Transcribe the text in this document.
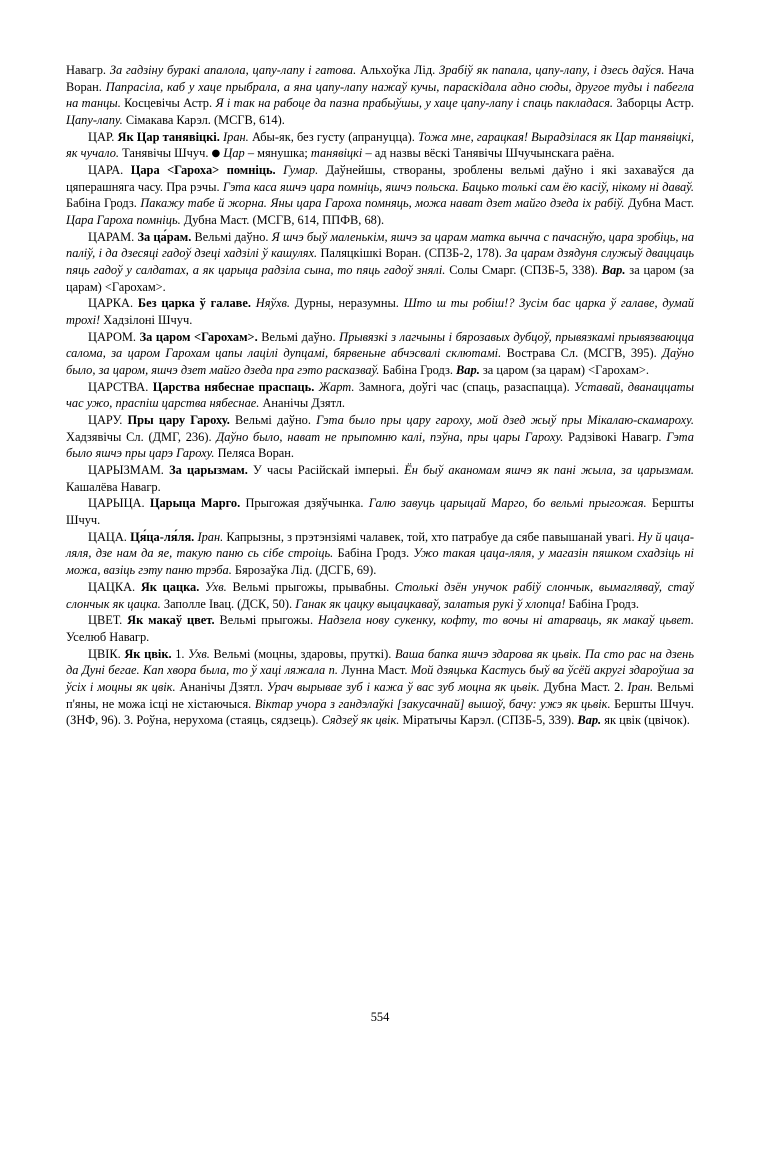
Навагр. За гадзіну буракі апалола, цапу-лапу і гатова. Альхоўка Лід. Зрабіў як папала, цапу-лапу, і дзесь даўся. Нача Воран. Папрасіла, каб у хаце прыбрала, а яна цапу-лапу нажаў кучы, параскідала адно сюды, другое туды і пабегла на танцы. Косцевічы Астр. Я і так на рабоце да пазна прабыўшы, у хаце цапу-лапу і спаць пакладася. Заборцы Астр. Цапу-лапу. Сімакава Карэл. (МСГВ, 614).

ЦАР. Як Цар танявіцкі. Іран. Абы-як, без густу (апрануцца). Тожа мне, гарацкая! Вырадзілася як Цар танявіцкі, як чучало. Танявічы Шчуч. ● Цар – мянушка; танявіцкі – ад назвы вёскі Танявічы Шчучынскага раёна.

ЦАРА. Цара <Гароха> помніць. Гумар. Даўнейшы, створаны, зроблены вельмі даўно і які захаваўся да цяперашняга часу. Пра рэчы. Гэта каса яшчэ цара помніць, яшчэ польска. Бацько толькі сам ёю касіў, нікому ні даваў. Бабіна Гродз. Пакажу табе й жорна. Яны цара Гароха помняць, можа нават дзет майго дзеда іх рабіў. Дубна Маст. Цара Гароха помніць. Дубна Маст. (МСГВ, 614, ППФВ, 68).

ЦАРАМ. За ца́рам. Вельмі даўно. Я шчэ быў маленькім, яшчэ за царам матка выччa с пачаснўю, цара зробіць, на паліў, і да дзесяці гадоў дзеці хадзілі ў кашулях. Паляцкішкі Воран. (СПЗБ-2, 178). За царам дзядуня служыў дваццаць пяць гадоў у салдатах, а як царыца радзіла сына, то пяць гадоў знялі. Солы Смарг. (СПЗБ-5, 338). Вар. за царом (за царам) <Гарохам>.

ЦАРКА. Без царка ў галаве. Няўхв. Дурны, неразумны. Што ш ты робіш!? Зусім бас царка ў галаве, думай трохі! Хадзілоні Шчуч.

ЦАРОМ. За царом <Гарохам>. Вельмі даўно. Прывязкі з лагчыны і бярозавых дубцоў, прывязкамі прывязваюцца салома, за царом Гарохам цапы лацілі дупцамі, бярвеньне абчэсвалі склютамі. Вострава Сл. (МСГВ, 395). Даўно было, за царом, яшчэ дзет майго дзеда пра гэто расказваў. Бабіна Гродз. Вар. за царом (за царам) <Гарохам>.

ЦАРСТВА. Царства нябеснае праспаць. Жарт. Замнога, доўгі час (спаць, разаспацца). Уставай, дванаццаты час ужо, праспіш царства нябеснае. Ананічы Дзятл.

ЦАРУ. Пры цару Гароху. Вельмі даўно. Гэта было пры цару гароху, мой дзед жыў пры Мікалаю-скамароху. Хадзявічы Сл. (ДМГ, 236). Даўно было, нават не прыпомню калі, пэўна, пры цары Гароху. Радзівокі Навагр. Гэта было яшчэ пры царэ Гароху. Пеляса Воран.

ЦАРЫЗМАМ. За царызмам. У часы Расійскай імперыі. Ён быў аканомам яшчэ як пані жыла, за царызмам. Кашалёва Навагр.

ЦАРЫЦА. Царыца Марго. Прыгожая дзяўчынка. Галю завуць царыцай Марго, бо вельмі прыгожая. Бершты Шчуч.

ЦАЦА. Ця́ца-ля́ля. Іран. Капрызны, з прэтэнзіямі чалавек, той, хто патрабуе да сябе павышанай увагі. Ну й цаца-ляля, дзе нам да яе, такую паню сь сібе строіць. Бабіна Гродз. Ужо такая цаца-ляля, у магазін пяшком схадзіць ні можа, вазіць гэту паню трэба. Бярозаўка Лід. (ДСГБ, 69).

ЦАЦКА. Як цацка. Ухв. Вельмі прыгожы, прывабны. Столькі дзён унучок рабіў слончык, вымагляваў, стаў слончык як цацка. Заполле Івац. (ДСК, 50). Ганак як цацку выцацкаваў, залатыя рукі ў хлопца! Бабіна Гродз.

ЦВЕТ. Як макаў цвет. Вельмі прыгожы. Надзела нову сукенку, кофту, то вочы ні атарваць, як макаў цьвет. Уселюб Навагр.

ЦВІК. Як цвік. 1. Ухв. Вельмі (моцны, здаровы, пруткі). Ваша бапка яшчэ здарова як цьвік. Па сто рас на дзень да Дуні бегае. Кап хвора была, то ў хаці ляжала п. Лунна Маст. Мой дзяцька Кастусь быў ва ўсёй акругі здароўша за ўсіх і моцны як цвік. Ананічы Дзятл. Урач вырывае зуб і кажа ў вас зуб моцна як цьвік. Дубна Маст. 2. Іран. Вельмі п'яны, не можа ісці не хістаючыся. Віктар учора з гандэлаўкі [закусачнай] вышоў, бачу: ужэ як цьвік. Бершты Шчуч. (ЗНФ, 96). 3. Роўна, нерухома (стаяць, сядзець). Сядзеў як цвік. Міратычы Карэл. (СПЗБ-5, 339). Вар. як цвік (цвічок).

554
